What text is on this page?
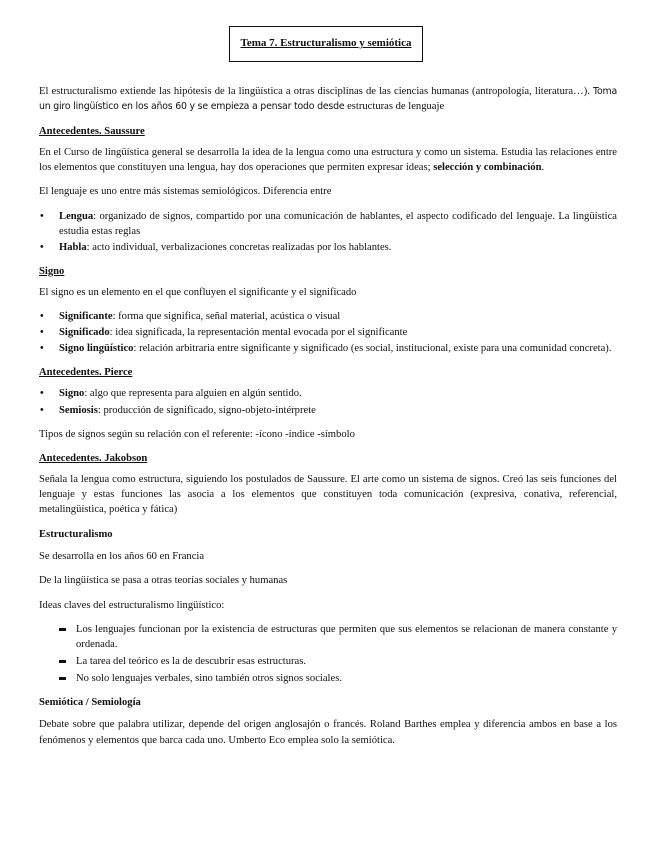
Tema 7. Estructuralismo y semiótica

El estructuralismo extiende las hipótesis de la lingüística a otras disciplinas de las ciencias humanas (antropología, literatura…). Toma un giro lingüístico en los años 60 y se empieza a pensar todo desde estructuras de lenguaje

Antecedentes. Saussure

En el Curso de lingüística general se desarrolla la idea de la lengua como una estructura y como un sistema. Estudia las relaciones entre los elementos que constituyen una lengua, hay dos operaciones que permiten expresar ideas; selección y combinación.

El lenguaje es uno entre más sistemas semiológicos. Diferencia entre

• Lengua: organizado de signos, compartido por una comunicación de hablantes, el aspecto codificado del lenguaje. La lingüística estudia estas reglas
• Habla: acto individual, verbalizaciones concretas realizadas por los hablantes.
Signo

El signo es un elemento en el que confluyen el significante y el significado

• Significante: forma que significa, señal material, acústica o visual
• Significado: idea significada, la representación mental evocada por el significante
• Signo lingüístico: relación arbitraria entre significante y significado (es social, institucional, existe para una comunidad concreta).
Antecedentes. Pierce
• Signo: algo que representa para alguien en algún sentido.
• Semiosis: producción de significado, signo-objeto-intérprete

Tipos de signos según su relación con el referente: -ícono -índice -símbolo

Antecedentes. Jakobson

Señala la lengua como estructura, siguiendo los postulados de Saussure. El arte como un sistema de signos. Creó las seis funciones del lenguaje y estas funciones las asocia a los elementos que constituyen toda comunicación (expresiva, conativa, referencial, metalingüística, poética y fática)

Estructuralismo

Se desarrolla en los años 60 en Francia

De la lingüística se pasa a otras teorías sociales y humanas

Ideas claves del estructuralismo lingüístico:

Los lenguajes funcionan por la existencia de estructuras que permiten que sus elementos se relacionan de manera constante y ordenada.
La tarea del teórico es la de descubrir esas estructuras.
No solo lenguajes verbales, sino también otros signos sociales.
Semiótica / Semiología

Debate sobre que palabra utilizar, depende del origen anglosajón o francés. Roland Barthes emplea y diferencia ambos en base a los fenómenos y elementos que barca cada uno. Umberto Eco emplea solo la semiótica.
